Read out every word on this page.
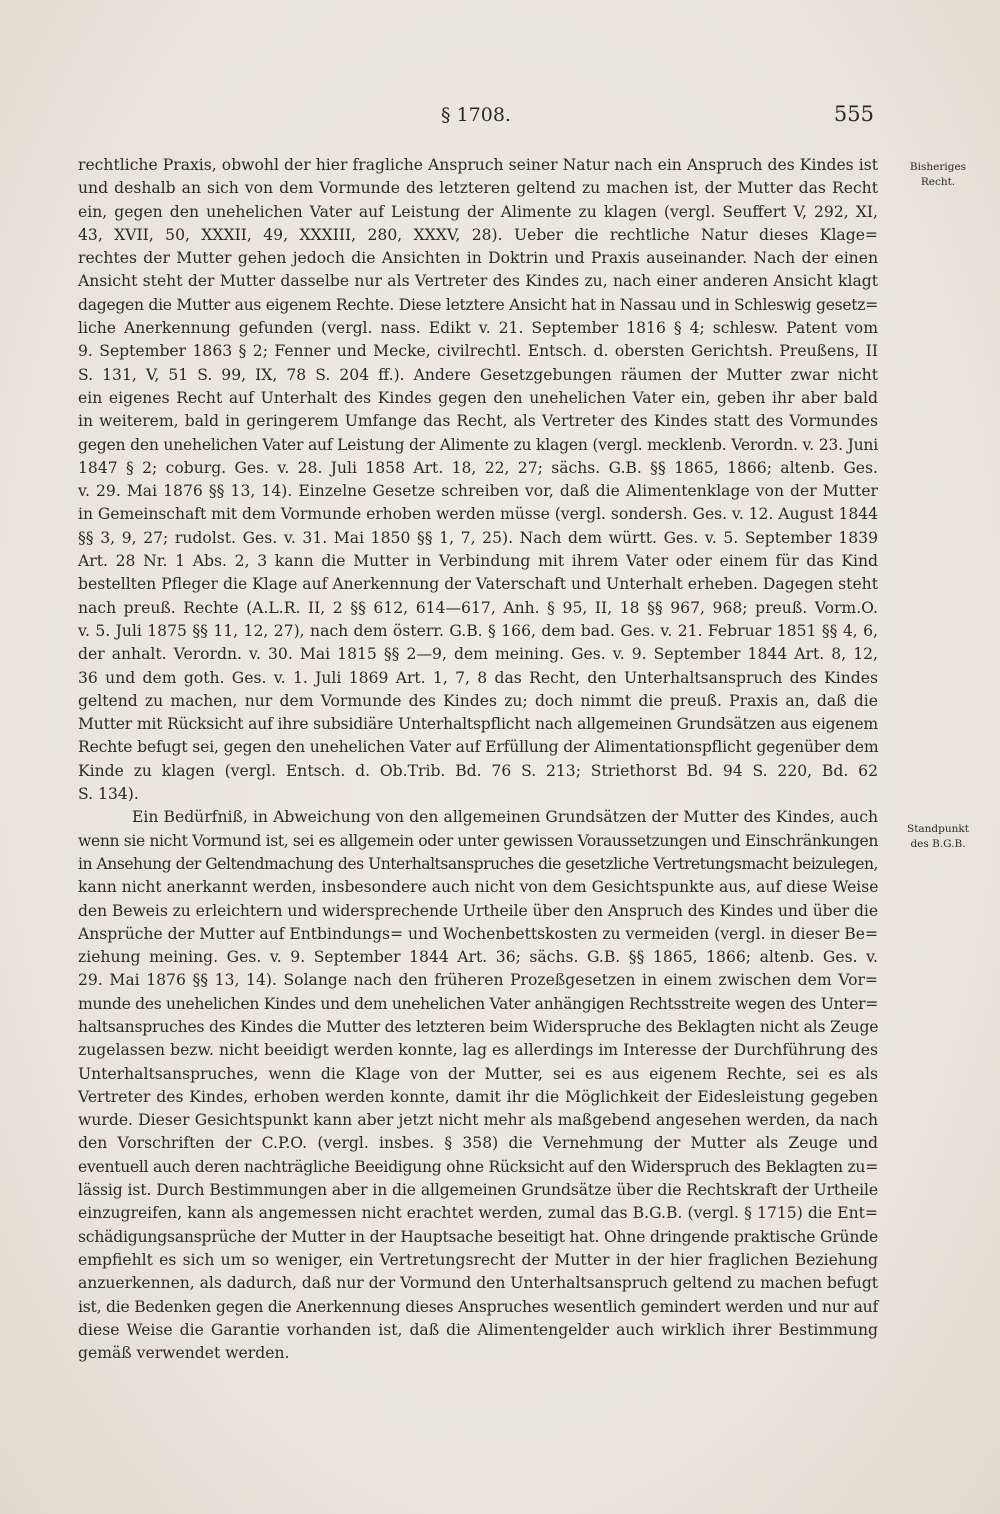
§ 1708.	555
Bisheriges
Recht.
Standpunkt
des B.G.B.
rechtliche Praxis, obwohl der hier fragliche Anspruch seiner Natur nach ein Anspruch des Kindes ist
und deshalb an sich von dem Vormunde des letzteren geltend zu machen ist, der Mutter das Recht
ein, gegen den unehelichen Vater auf Leistung der Alimente zu klagen (vergl. Seuffert V, 292, XI,
43, XVII, 50, XXXII, 49, XXXIII, 280, XXXV, 28). Ueber die rechtliche Natur dieses Klage=
rechtes der Mutter gehen jedoch die Ansichten in Doktrin und Praxis auseinander. Nach der einen
Ansicht steht der Mutter dasselbe nur als Vertreter des Kindes zu, nach einer anderen Ansicht klagt
dagegen die Mutter aus eigenem Rechte. Diese letztere Ansicht hat in Nassau und in Schleswig gesetz=
liche Anerkennung gefunden (vergl. nass. Edikt v. 21. September 1816 § 4; schlesw. Patent vom
9. September 1863 § 2; Fenner und Mecke, civilrechtl. Entsch. d. obersten Gerichtsh. Preußens, II
S. 131, V, 51 S. 99, IX, 78 S. 204 ff.). Andere Gesetzgebungen räumen der Mutter zwar nicht
ein eigenes Recht auf Unterhalt des Kindes gegen den unehelichen Vater ein, geben ihr aber bald
in weiterem, bald in geringerem Umfange das Recht, als Vertreter des Kindes statt des Vormundes
gegen den unehelichen Vater auf Leistung der Alimente zu klagen (vergl. mecklenb. Verordn. v. 23. Juni
1847 § 2; coburg. Ges. v. 28. Juli 1858 Art. 18, 22, 27; sächs. G.B. §§ 1865, 1866; altenb. Ges.
v. 29. Mai 1876 §§ 13, 14). Einzelne Gesetze schreiben vor, daß die Alimentenklage von der Mutter
in Gemeinschaft mit dem Vormunde erhoben werden müsse (vergl. sondersh. Ges. v. 12. August 1844
§§ 3, 9, 27; rudolst. Ges. v. 31. Mai 1850 §§ 1, 7, 25). Nach dem württ. Ges. v. 5. September 1839
Art. 28 Nr. 1 Abs. 2, 3 kann die Mutter in Verbindung mit ihrem Vater oder einem für das Kind
bestellten Pfleger die Klage auf Anerkennung der Vaterschaft und Unterhalt erheben. Dagegen steht
nach preuß. Rechte (A.L.R. II, 2 §§ 612, 614—617, Anh. § 95, II, 18 §§ 967, 968; preuß. Vorm.O.
v. 5. Juli 1875 §§ 11, 12, 27), nach dem österr. G.B. § 166, dem bad. Ges. v. 21. Februar 1851 §§ 4, 6,
der anhalt. Verordn. v. 30. Mai 1815 §§ 2—9, dem meining. Ges. v. 9. September 1844 Art. 8, 12,
36 und dem goth. Ges. v. 1. Juli 1869 Art. 1, 7, 8 das Recht, den Unterhaltsanspruch des Kindes
geltend zu machen, nur dem Vormunde des Kindes zu; doch nimmt die preuß. Praxis an, daß die
Mutter mit Rücksicht auf ihre subsidiäre Unterhaltspflicht nach allgemeinen Grundsätzen aus eigenem
Rechte befugt sei, gegen den unehelichen Vater auf Erfüllung der Alimentationspflicht gegenüber dem
Kinde zu klagen (vergl. Entsch. d. Ob.Trib. Bd. 76 S. 213; Striethorst Bd. 94 S. 220, Bd. 62
S. 134).
Ein Bedürfniß, in Abweichung von den allgemeinen Grundsätzen der Mutter des Kindes, auch
wenn sie nicht Vormund ist, sei es allgemein oder unter gewissen Voraussetzungen und Einschränkungen
in Ansehung der Geltendmachung des Unterhaltsanspruches die gesetzliche Vertretungsmacht beizulegen,
kann nicht anerkannt werden, insbesondere auch nicht von dem Gesichtspunkte aus, auf diese Weise
den Beweis zu erleichtern und widersprechende Urtheile über den Anspruch des Kindes und über die
Ansprüche der Mutter auf Entbindungs= und Wochenbettskosten zu vermeiden (vergl. in dieser Be=
ziehung meining. Ges. v. 9. September 1844 Art. 36; sächs. G.B. §§ 1865, 1866; altenb. Ges. v.
29. Mai 1876 §§ 13, 14). Solange nach den früheren Prozeßgesetzen in einem zwischen dem Vor=
munde des unehelichen Kindes und dem unehelichen Vater anhängigen Rechtsstreite wegen des Unter=
haltsanspruches des Kindes die Mutter des letzteren beim Widerspruche des Beklagten nicht als Zeuge
zugelassen bezw. nicht beeidigt werden konnte, lag es allerdings im Interesse der Durchführung des
Unterhaltsanspruches, wenn die Klage von der Mutter, sei es aus eigenem Rechte, sei es als
Vertreter des Kindes, erhoben werden konnte, damit ihr die Möglichkeit der Eidesleistung gegeben
wurde. Dieser Gesichtspunkt kann aber jetzt nicht mehr als maßgebend angesehen werden, da nach
den Vorschriften der C.P.O. (vergl. insbes. § 358) die Vernehmung der Mutter als Zeuge und
eventuell auch deren nachträgliche Beeidigung ohne Rücksicht auf den Widerspruch des Beklagten zu=
lässig ist. Durch Bestimmungen aber in die allgemeinen Grundsätze über die Rechtskraft der Urtheile
einzugreifen, kann als angemessen nicht erachtet werden, zumal das B.G.B. (vergl. § 1715) die Ent=
schädigungsansprüche der Mutter in der Hauptsache beseitigt hat. Ohne dringende praktische Gründe
empfiehlt es sich um so weniger, ein Vertretungsrecht der Mutter in der hier fraglichen Beziehung
anzuerkennen, als dadurch, daß nur der Vormund den Unterhaltsanspruch geltend zu machen befugt
ist, die Bedenken gegen die Anerkennung dieses Anspruches wesentlich gemindert werden und nur auf
diese Weise die Garantie vorhanden ist, daß die Alimentengelder auch wirklich ihrer Bestimmung
gemäß verwendet werden.
